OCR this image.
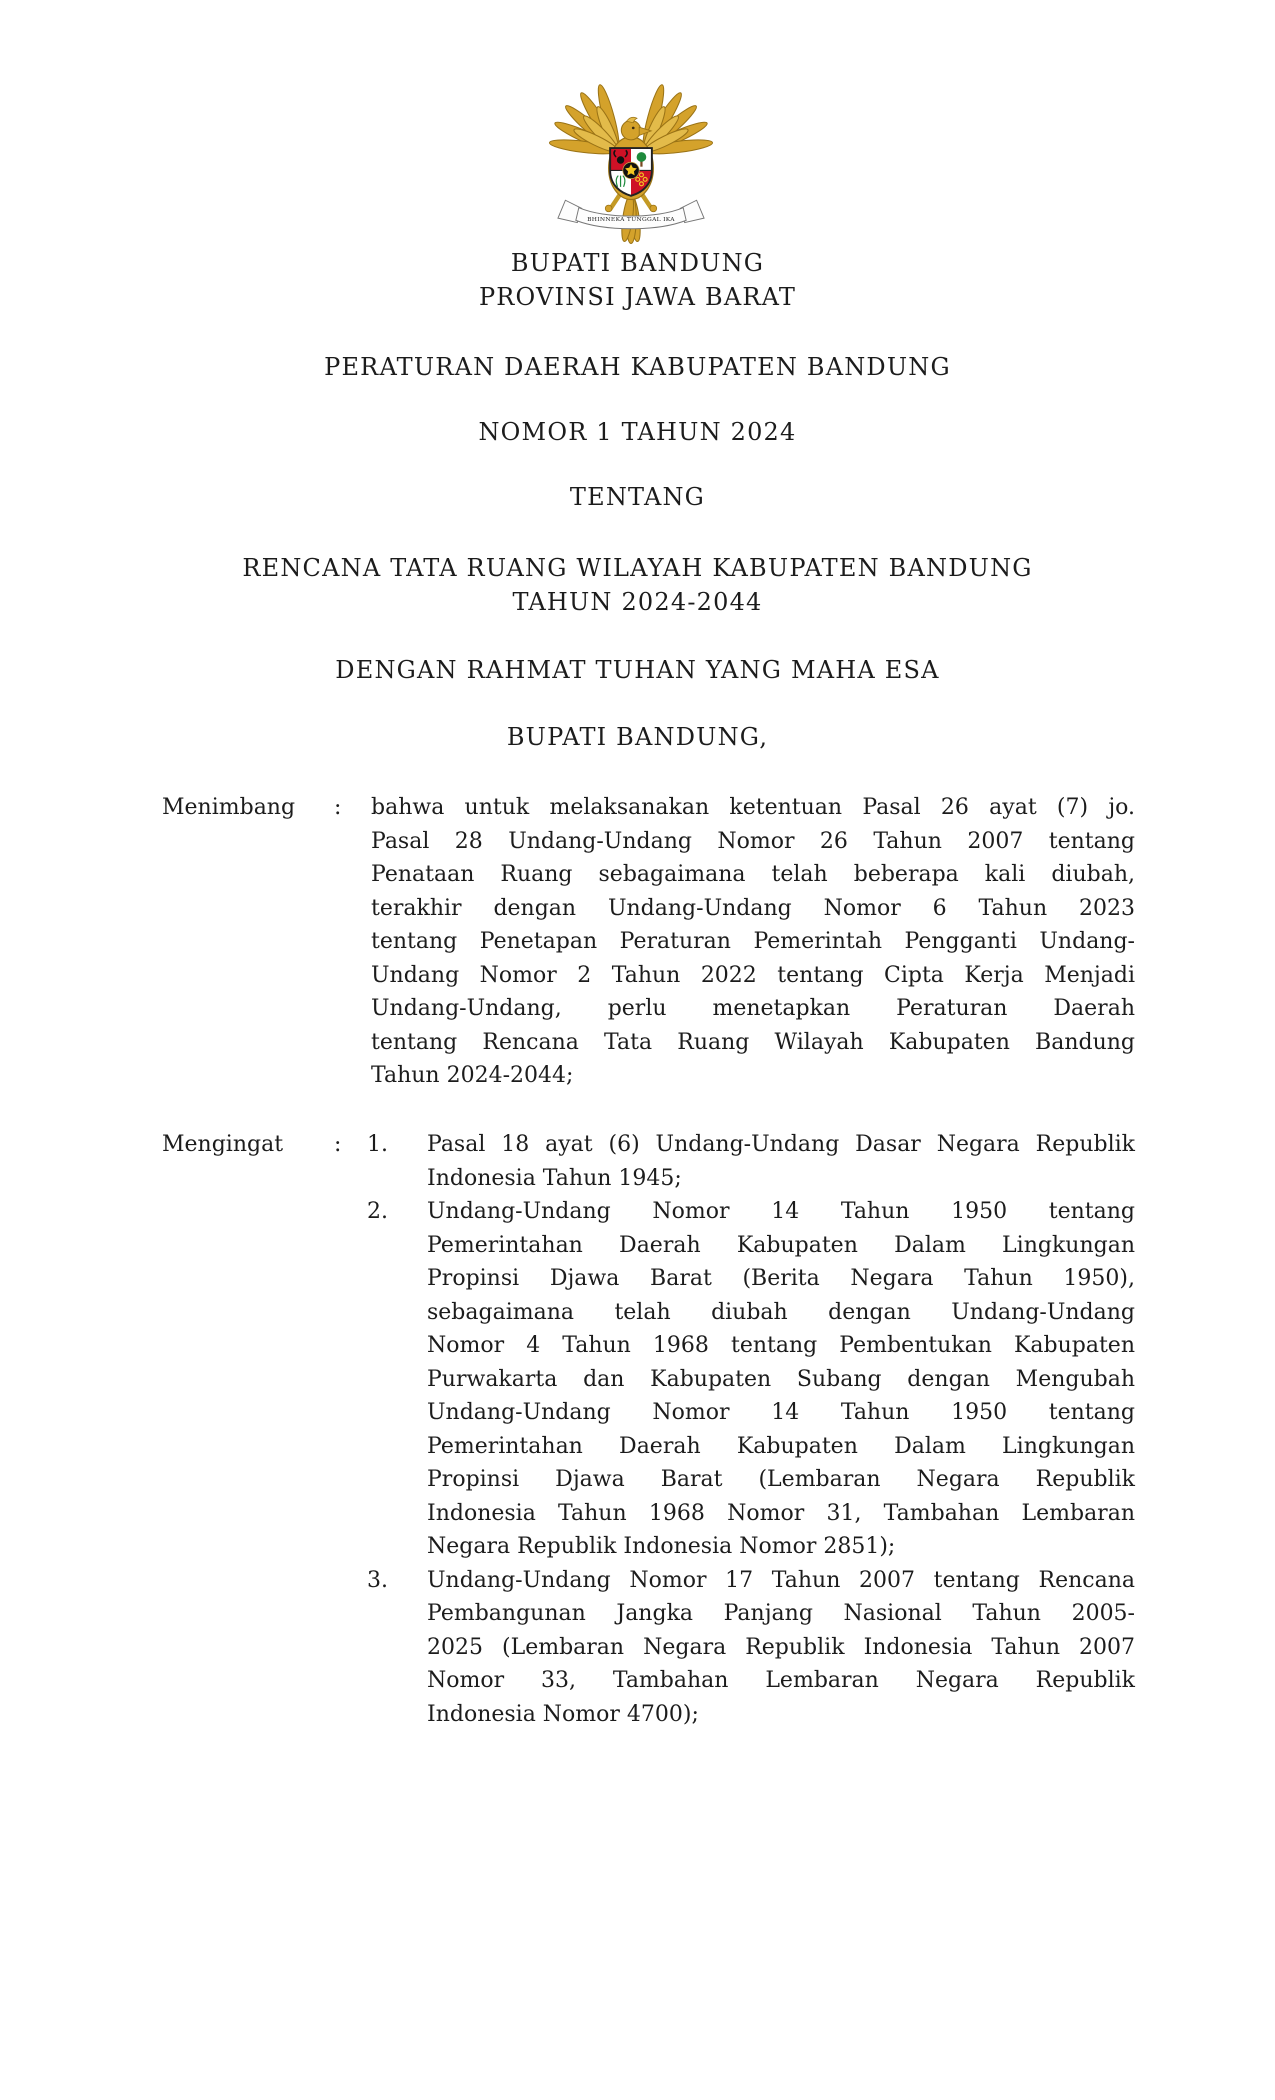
BHINNEKA TUNGGAL IKA
BUPATI BANDUNG
PROVINSI JAWA BARAT
PERATURAN DAERAH KABUPATEN BANDUNG
NOMOR 1 TAHUN 2024
TENTANG
RENCANA TATA RUANG WILAYAH KABUPATEN BANDUNG
TAHUN 2024-2044
DENGAN RAHMAT TUHAN YANG MAHA ESA
BUPATI BANDUNG,
Menimbang : bahwa untuk melaksanakan ketentuan Pasal 26 ayat (7) jo.
Pasal 28 Undang-Undang Nomor 26 Tahun 2007 tentang
Penataan Ruang sebagaimana telah beberapa kali diubah,
terakhir dengan Undang-Undang Nomor 6 Tahun 2023
tentang Penetapan Peraturan Pemerintah Pengganti Undang-
Undang Nomor 2 Tahun 2022 tentang Cipta Kerja Menjadi
Undang-Undang, perlu menetapkan Peraturan Daerah
tentang Rencana Tata Ruang Wilayah Kabupaten Bandung
Tahun 2024-2044;
Mengingat : 1.	Pasal 18 ayat (6) Undang-Undang Dasar Negara Republik
Indonesia Tahun 1945;
2.	Undang-Undang Nomor 14 Tahun 1950 tentang
Pemerintahan Daerah Kabupaten Dalam Lingkungan
Propinsi Djawa Barat (Berita Negara Tahun 1950),
sebagaimana telah diubah dengan Undang-Undang
Nomor 4 Tahun 1968 tentang Pembentukan Kabupaten
Purwakarta dan Kabupaten Subang dengan Mengubah
Undang-Undang Nomor 14 Tahun 1950 tentang
Pemerintahan Daerah Kabupaten Dalam Lingkungan
Propinsi Djawa Barat (Lembaran Negara Republik
Indonesia Tahun 1968 Nomor 31, Tambahan Lembaran
Negara Republik Indonesia Nomor 2851);
3.	Undang-Undang Nomor 17 Tahun 2007 tentang Rencana
Pembangunan Jangka Panjang Nasional Tahun 2005-
2025 (Lembaran Negara Republik Indonesia Tahun 2007
Nomor 33, Tambahan Lembaran Negara Republik
Indonesia Nomor 4700);
